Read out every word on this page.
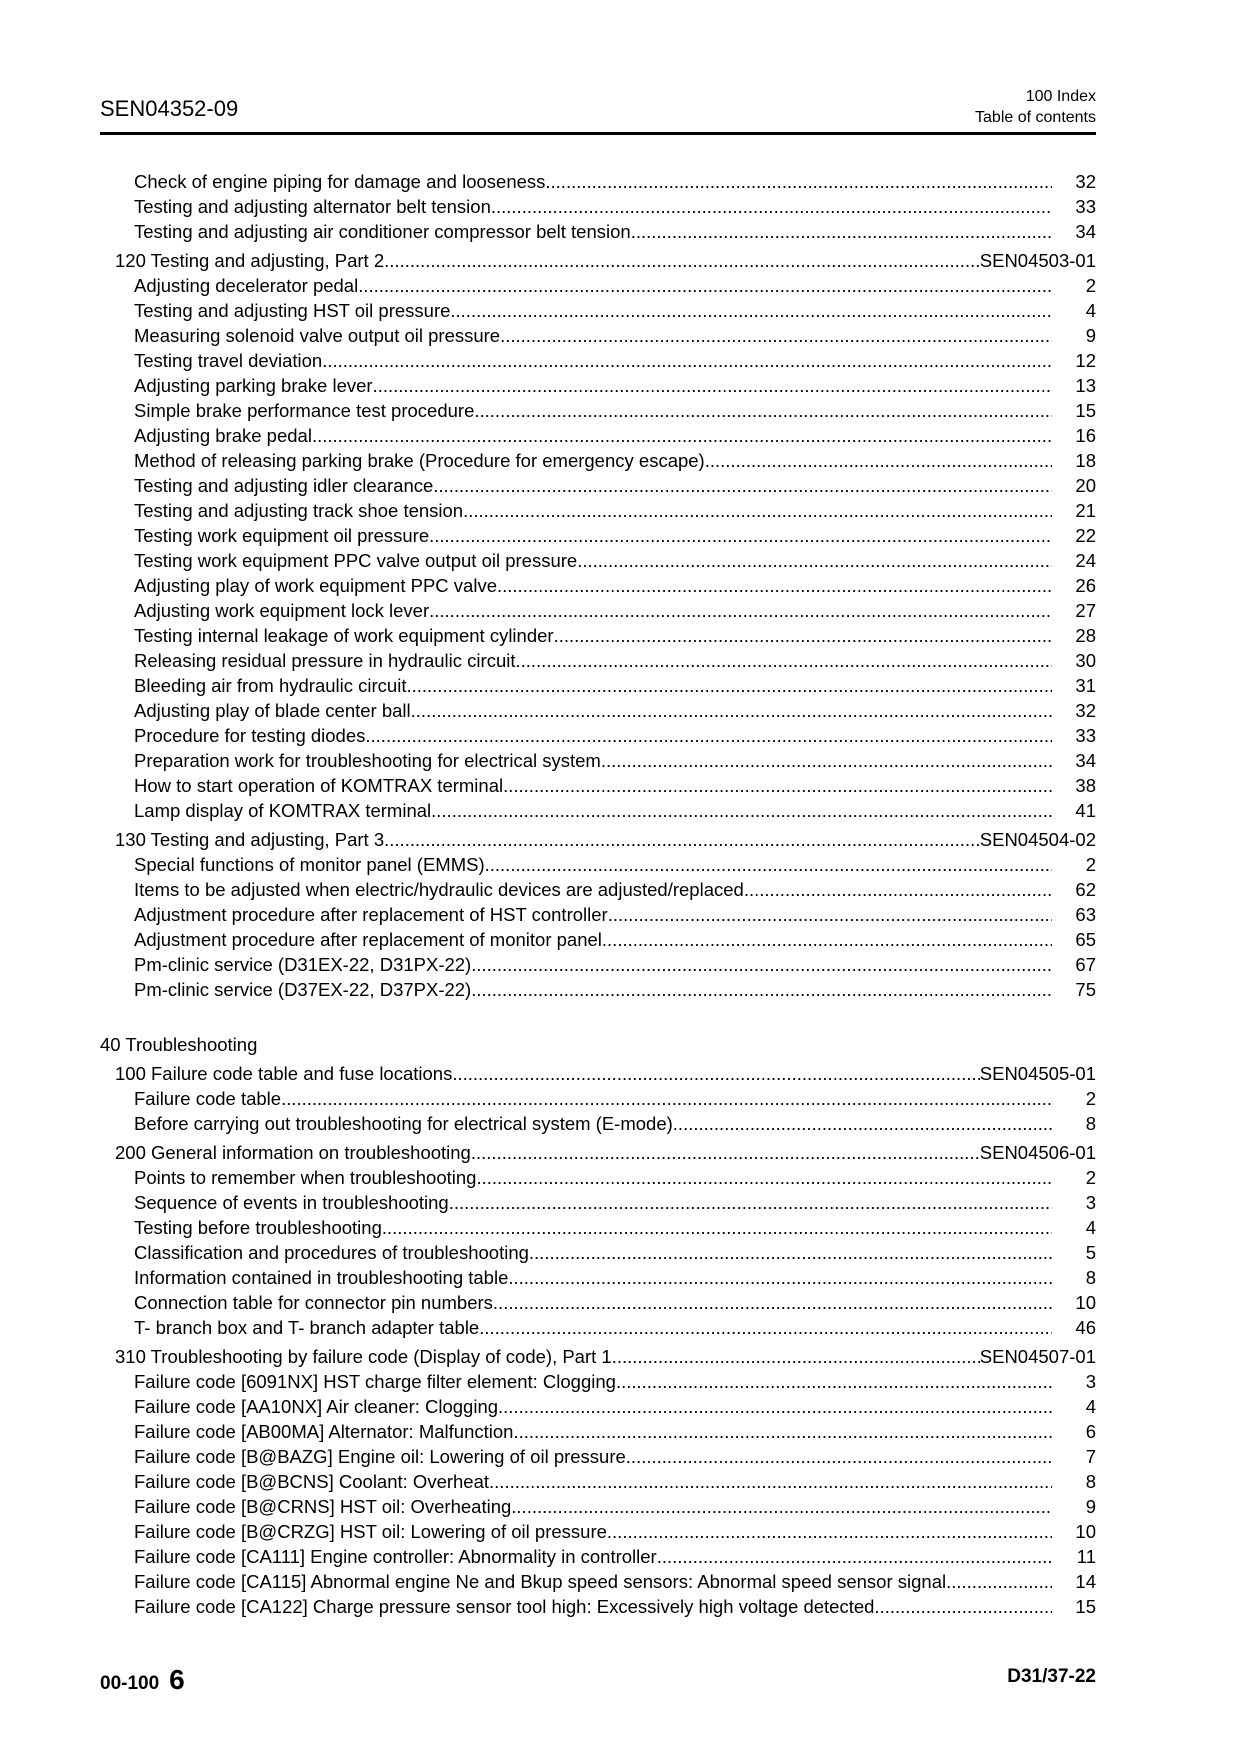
SEN04352-09	100 Index
Table of contents
Check of engine piping for damage and looseness .....	32
Testing and adjusting alternator belt tension .....	33
Testing and adjusting air conditioner compressor belt tension .....	34
120 Testing and adjusting, Part 2 .....	SEN04503-01
Adjusting decelerator pedal .....	2
Testing and adjusting HST oil pressure .....	4
Measuring solenoid valve output oil pressure .....	9
Testing travel deviation .....	12
Adjusting parking brake lever .....	13
Simple brake performance test procedure .....	15
Adjusting brake pedal .....	16
Method of releasing parking brake (Procedure for emergency escape) .....	18
Testing and adjusting idler clearance .....	20
Testing and adjusting track shoe tension .....	21
Testing work equipment oil pressure .....	22
Testing work equipment PPC valve output oil pressure .....	24
Adjusting play of work equipment PPC valve .....	26
Adjusting work equipment lock lever .....	27
Testing internal leakage of work equipment cylinder .....	28
Releasing residual pressure in hydraulic circuit .....	30
Bleeding air from hydraulic circuit .....	31
Adjusting play of blade center ball .....	32
Procedure for testing diodes .....	33
Preparation work for troubleshooting for electrical system .....	34
How to start operation of KOMTRAX terminal .....	38
Lamp display of KOMTRAX terminal .....	41
130 Testing and adjusting, Part 3 .....	SEN04504-02
Special functions of monitor panel (EMMS) .....	2
Items to be adjusted when electric/hydraulic devices are adjusted/replaced .....	62
Adjustment procedure after replacement of HST controller .....	63
Adjustment procedure after replacement of monitor panel .....	65
Pm-clinic service (D31EX-22, D31PX-22) .....	67
Pm-clinic service (D37EX-22, D37PX-22) .....	75
40 Troubleshooting
100 Failure code table and fuse locations .....	SEN04505-01
Failure code table .....	2
Before carrying out troubleshooting for electrical system (E-mode) .....	8
200 General information on troubleshooting .....	SEN04506-01
Points to remember when troubleshooting .....	2
Sequence of events in troubleshooting .....	3
Testing before troubleshooting .....	4
Classification and procedures of troubleshooting .....	5
Information contained in troubleshooting table .....	8
Connection table for connector pin numbers .....	10
T- branch box and T- branch adapter table .....	46
310 Troubleshooting by failure code (Display of code), Part 1 .....	SEN04507-01
Failure code [6091NX] HST charge filter element: Clogging .....	3
Failure code [AA10NX] Air cleaner: Clogging .....	4
Failure code [AB00MA] Alternator: Malfunction .....	6
Failure code [B@BAZG] Engine oil: Lowering of oil pressure .....	7
Failure code [B@BCNS] Coolant: Overheat .....	8
Failure code [B@CRNS] HST oil: Overheating .....	9
Failure code [B@CRZG] HST oil: Lowering of oil pressure .....	10
Failure code [CA111] Engine controller: Abnormality in controller .....	11
Failure code [CA115] Abnormal engine Ne and Bkup speed sensors: Abnormal speed sensor signal .....	14
Failure code [CA122] Charge pressure sensor tool high: Excessively high voltage detected .....	15
00-100 6	D31/37-22
